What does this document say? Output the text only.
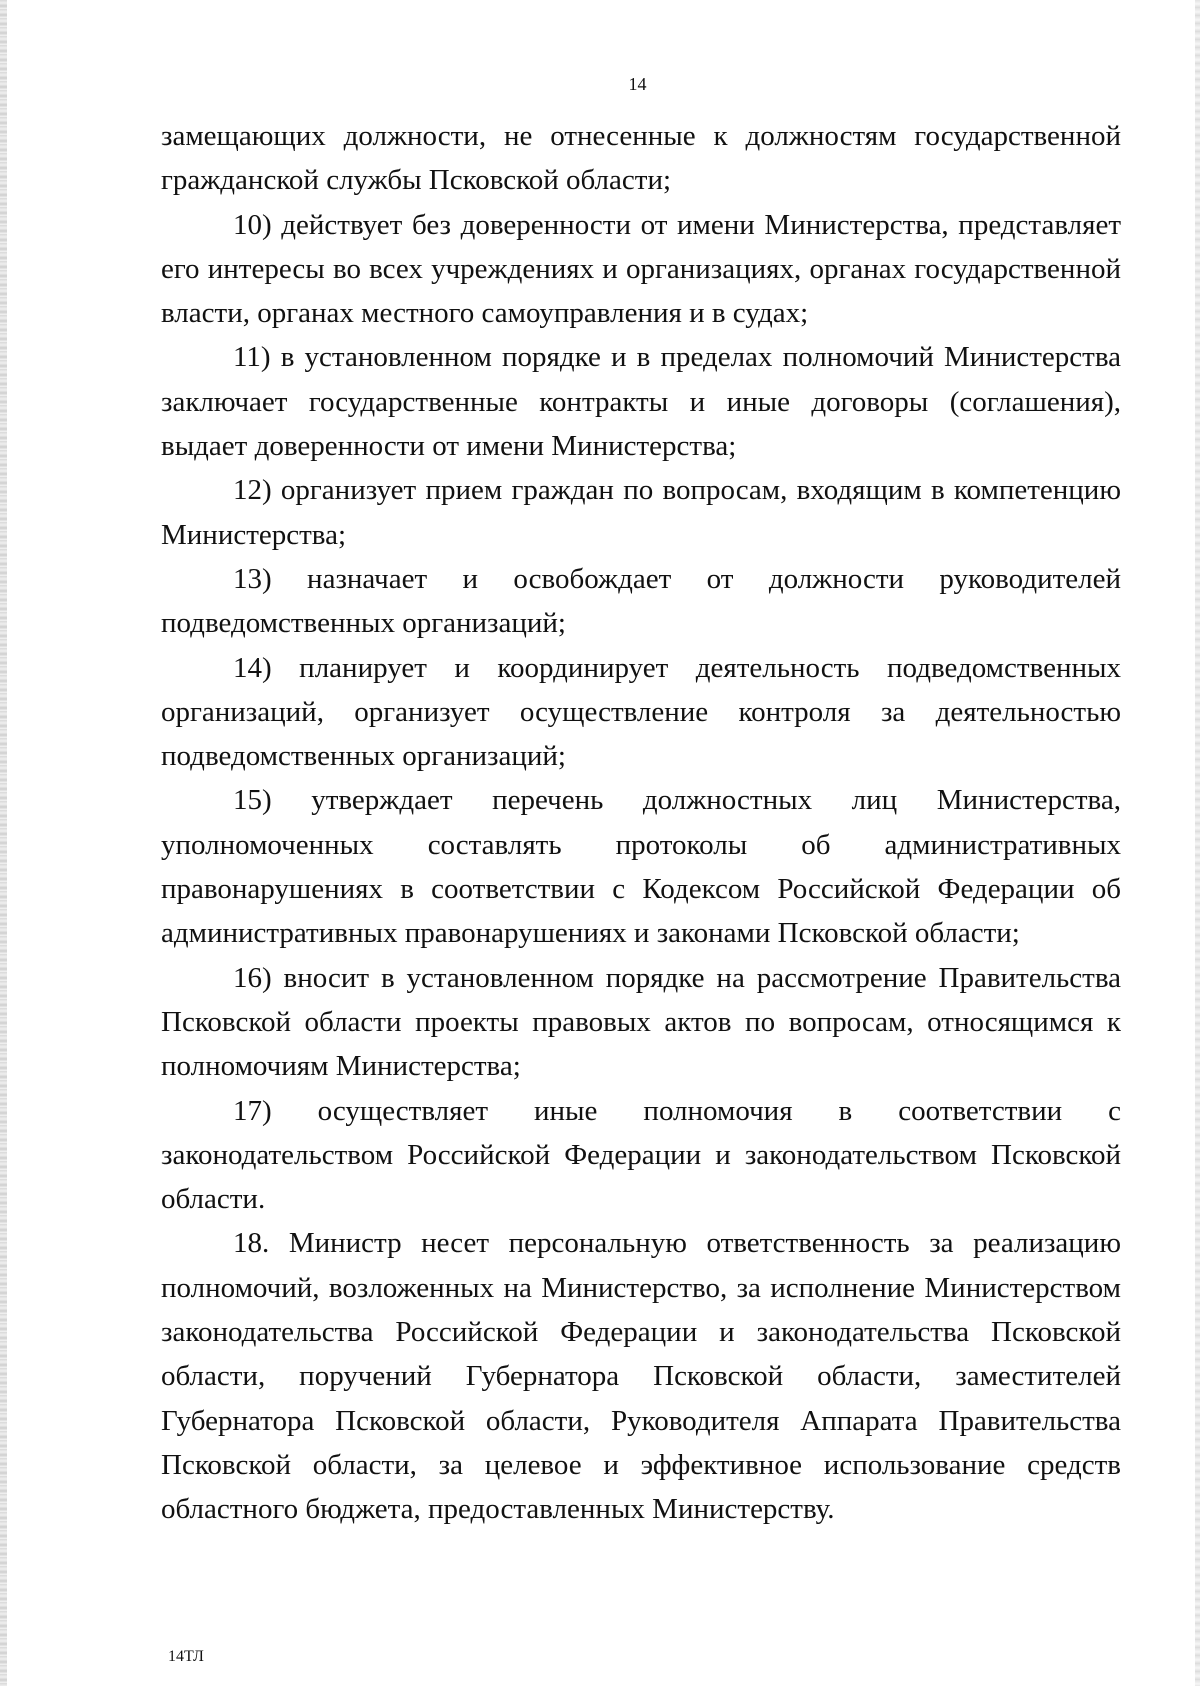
14

замещающих должности, не отнесенные к должностям государственной гражданской службы Псковской области;

10) действует без доверенности от имени Министерства, представляет его интересы во всех учреждениях и организациях, органах государственной власти, органах местного самоуправления и в судах;

11) в установленном порядке и в пределах полномочий Министерства заключает государственные контракты и иные договоры (соглашения), выдает доверенности от имени Министерства;

12) организует прием граждан по вопросам, входящим в компетенцию Министерства;

13) назначает и освобождает от должности руководителей подведомственных организаций;

14) планирует и координирует деятельность подведомственных организаций, организует осуществление контроля за деятельностью подведомственных организаций;

15) утверждает перечень должностных лиц Министерства, уполномоченных составлять протоколы об административных правонарушениях в соответствии с Кодексом Российской Федерации об административных правонарушениях и законами Псковской области;

16) вносит в установленном порядке на рассмотрение Правительства Псковской области проекты правовых актов по вопросам, относящимся к полномочиям Министерства;

17) осуществляет иные полномочия в соответствии с законодательством Российской Федерации и законодательством Псковской области.

18. Министр несет персональную ответственность за реализацию полномочий, возложенных на Министерство, за исполнение Министерством законодательства Российской Федерации и законодательства Псковской области, поручений Губернатора Псковской области, заместителей Губернатора Псковской области, Руководителя Аппарата Правительства Псковской области, за целевое и эффективное использование средств областного бюджета, предоставленных Министерству.

14ТЛ
